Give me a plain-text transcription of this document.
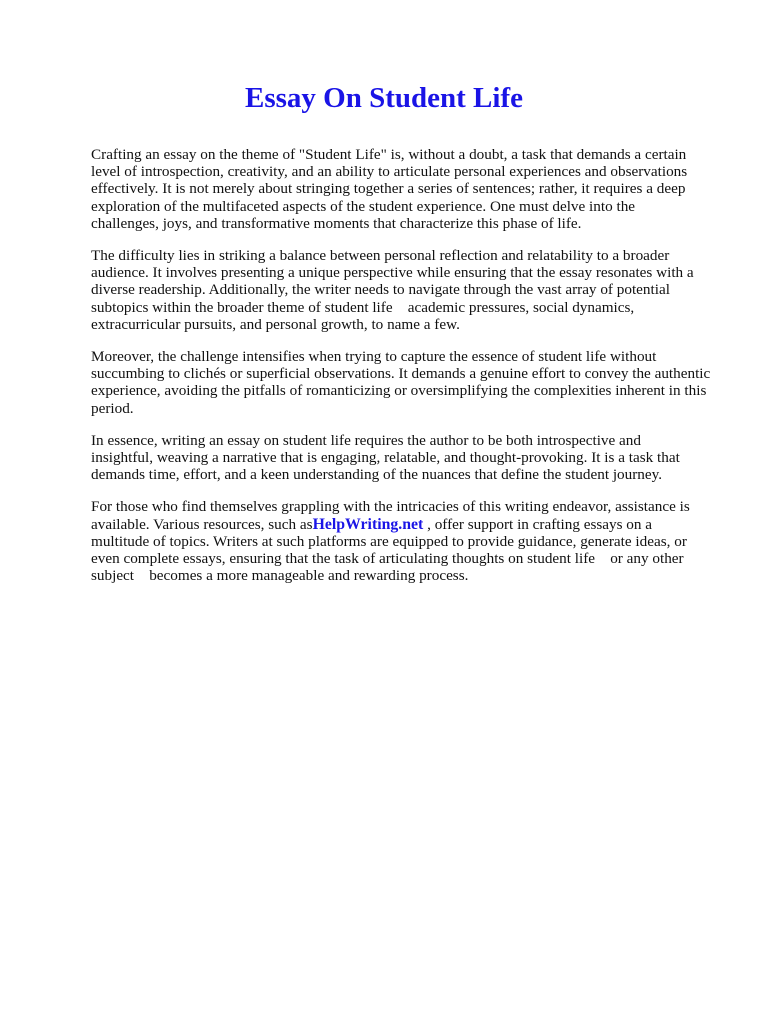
Essay On Student Life

Crafting an essay on the theme of "Student Life" is, without a doubt, a task that demands a certain
level of introspection, creativity, and an ability to articulate personal experiences and observations
effectively. It is not merely about stringing together a series of sentences; rather, it requires a deep
exploration of the multifaceted aspects of the student experience. One must delve into the
challenges, joys, and transformative moments that characterize this phase of life.

The difficulty lies in striking a balance between personal reflection and relatability to a broader
audience. It involves presenting a unique perspective while ensuring that the essay resonates with a
diverse readership. Additionally, the writer needs to navigate through the vast array of potential
subtopics within the broader theme of student life    academic pressures, social dynamics,
extracurricular pursuits, and personal growth, to name a few.

Moreover, the challenge intensifies when trying to capture the essence of student life without
succumbing to clichés or superficial observations. It demands a genuine effort to convey the authentic
experience, avoiding the pitfalls of romanticizing or oversimplifying the complexities inherent in this
period.

In essence, writing an essay on student life requires the author to be both introspective and
insightful, weaving a narrative that is engaging, relatable, and thought-provoking. It is a task that
demands time, effort, and a keen understanding of the nuances that define the student journey.

For those who find themselves grappling with the intricacies of this writing endeavor, assistance is
available. Various resources, such asHelpWriting.net , offer support in crafting essays on a
multitude of topics. Writers at such platforms are equipped to provide guidance, generate ideas, or
even complete essays, ensuring that the task of articulating thoughts on student life    or any other
subject    becomes a more manageable and rewarding process.
